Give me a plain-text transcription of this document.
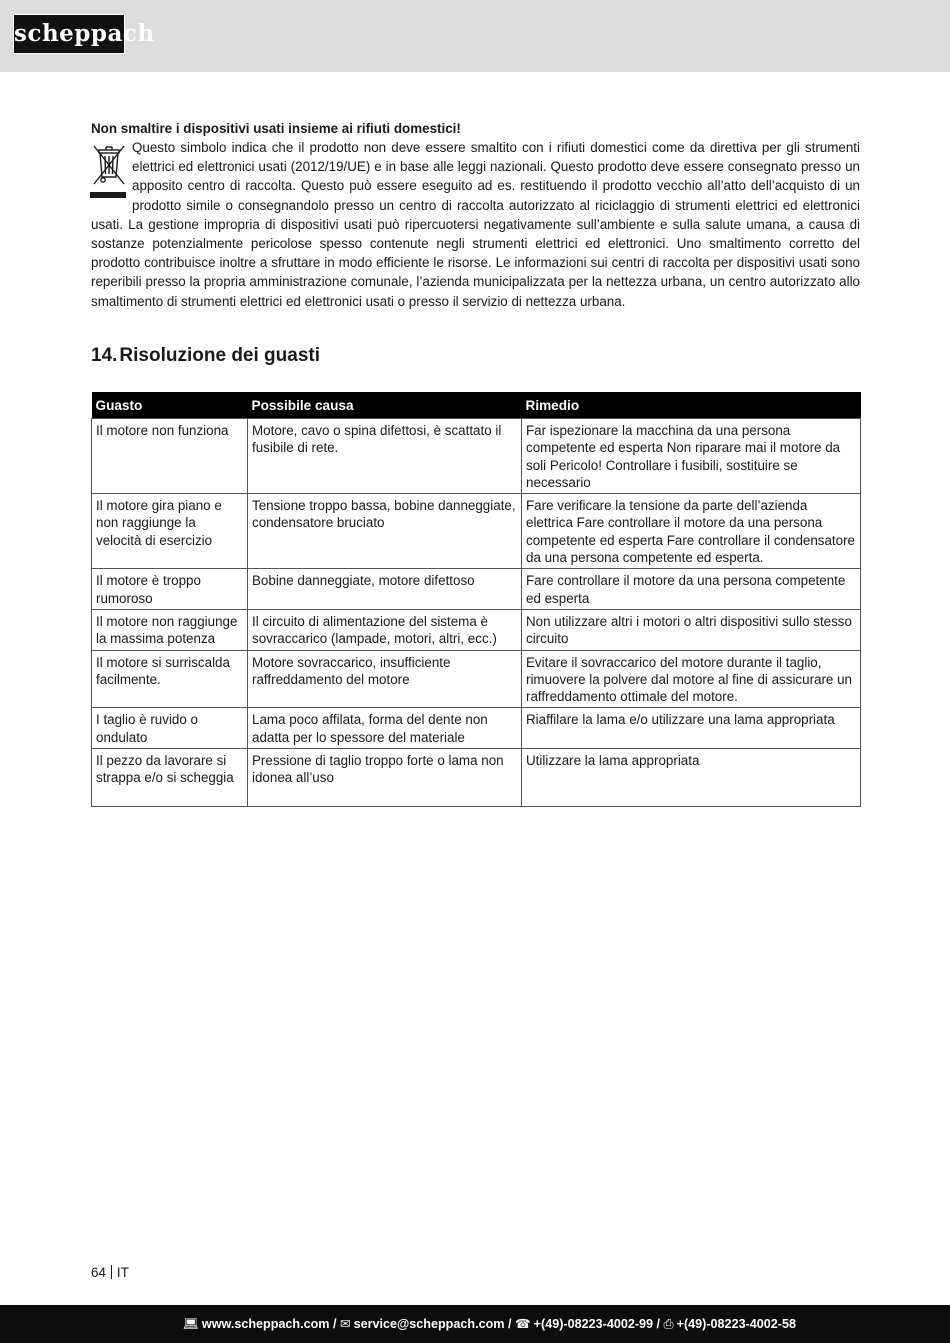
scheppach

Non smaltire i dispositivi usati insieme ai rifiuti domestici!

Questo simbolo indica che il prodotto non deve essere smaltito con i rifiuti domestici come da direttiva per gli strumenti elettrici ed elettronici usati (2012/19/UE) e in base alle leggi nazionali. Questo prodotto deve essere consegnato presso un apposito centro di raccolta. Questo può essere eseguito ad es. restituendo il prodotto vecchio all’atto dell’acquisto di un prodotto simile o consegnandolo presso un centro di raccolta autorizzato al riciclaggio di strumenti elettrici ed elettronici usati. La gestione impropria di dispositivi usati può ripercuotersi negativamente sull’ambiente e sulla salute umana, a causa di sostanze potenzialmente pericolose spesso contenute negli strumenti elettrici ed elettronici. Uno smaltimento corretto del prodotto contribuisce inoltre a sfruttare in modo efficiente le risorse. Le informazioni sui centri di raccolta per dispositivi usati sono reperibili presso la propria amministrazione comunale, l’azienda municipalizzata per la nettezza urbana, un centro autorizzato allo smaltimento di strumenti elettrici ed elettronici usati o presso il servizio di nettezza urbana.

14. Risoluzione dei guasti
Guasto	Possibile causa	Rimedio
Il motore non funziona	Motore, cavo o spina difettosi, è scattato il fusibile di rete.	Far ispezionare la macchina da una persona competente ed esperta Non riparare mai il motore da soli Pericolo! Controllare i fusibili, sostituire se necessario
Il motore gira piano e non raggiunge la velocità di esercizio	Tensione troppo bassa, bobine danneggiate, condensatore bruciato	Fare verificare la tensione da parte dell’azienda elettrica Fare controllare il motore da una persona competente ed esperta Fare controllare il condensatore da una persona competente ed esperta.
Il motore è troppo rumoroso	Bobine danneggiate, motore difettoso	Fare controllare il motore da una persona competente ed esperta
Il motore non raggiunge la massima potenza	Il circuito di alimentazione del sistema è sovraccarico (lampade, motori, altri, ecc.)	Non utilizzare altri i motori o altri dispositivi sullo stesso circuito
Il motore si surriscalda facilmente.	Motore sovraccarico, insufficiente raffreddamento del motore	Evitare il sovraccarico del motore durante il taglio, rimuovere la polvere dal motore al fine di assicurare un raffreddamento ottimale del motore.
I taglio è ruvido o ondulato	Lama poco affilata, forma del dente non adatta per lo spessore del materiale	Riaffilare la lama e/o utilizzare una lama appropriata
Il pezzo da lavorare si strappa e/o si scheggia	Pressione di taglio troppo forte o lama non idonea all’uso	Utilizzare la lama appropriata
64 IT
💻︎ www.scheppach.com / ✉︎ service@scheppach.com / ☎︎ +(49)-08223-4002-99 / ⎙ +(49)-08223-4002-58
